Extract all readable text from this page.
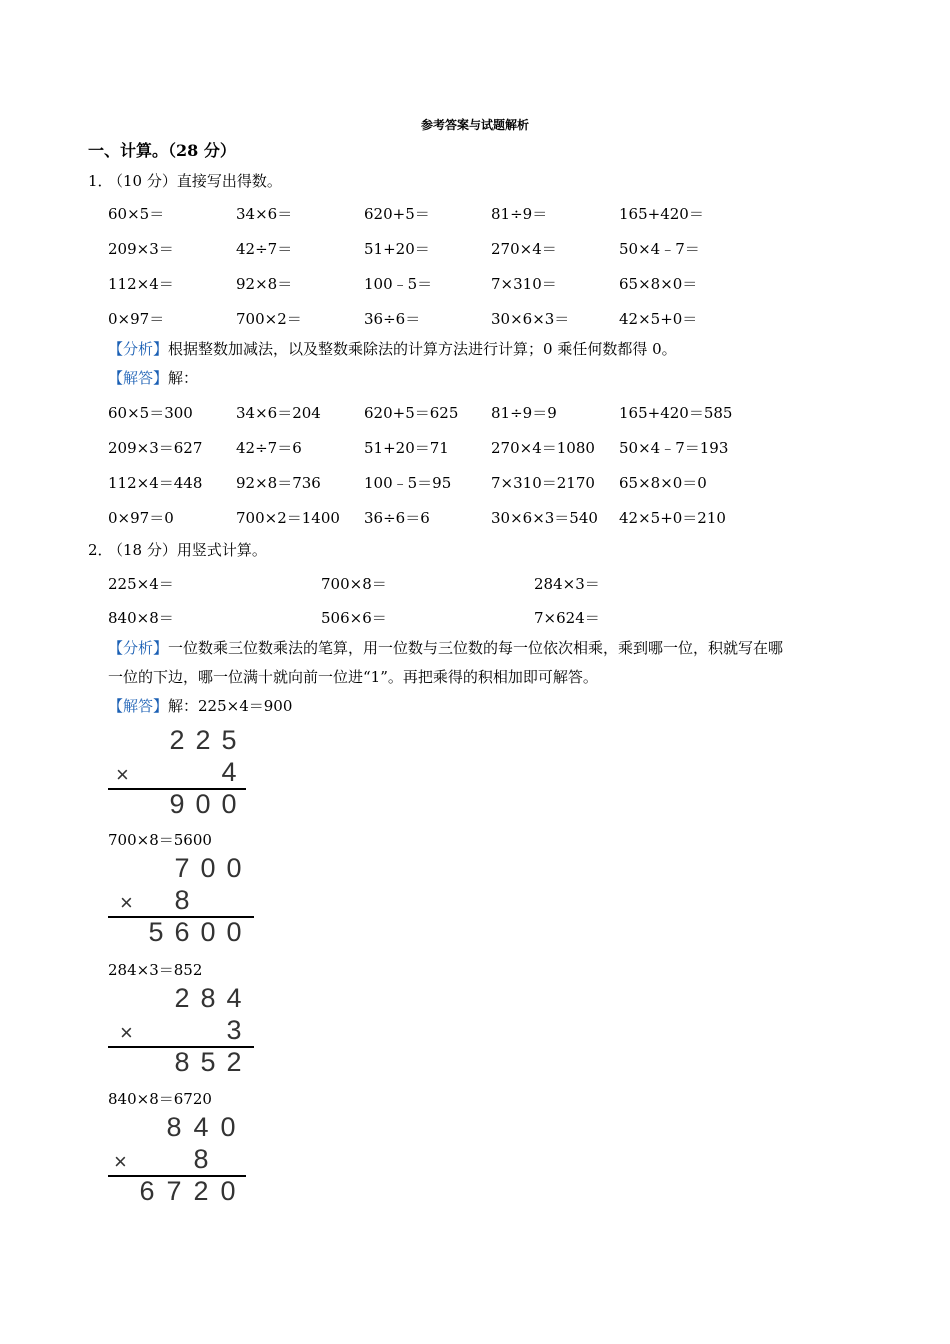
参考答案与试题解析
一、计算。（28 分）
1．
（10 分）直接写出得数。
60×5＝	34×6＝	620+5＝	81÷9＝	165+420＝
209×3＝	42÷7＝	51+20＝	270×4＝	50×4﹣7＝
112×4＝	92×8＝	100﹣5＝	7×310＝	65×8×0＝
0×97＝	700×2＝	36÷6＝	30×6×3＝	42×5+0＝
【分析】根据整数加减法，以及整数乘除法的计算方法进行计算；0 乘任何数都得 0。
【解答】解：
60×5＝300	34×6＝204	620+5＝625 81÷9＝9	165+420＝585
209×3＝627 42÷7＝6	51+20＝71	270×4＝1080 50×4﹣7＝193
112×4＝448 92×8＝736	100﹣5＝95	7×310＝2170 65×8×0＝0
0×97＝0	700×2＝1400 36÷6＝6	30×6×3＝540 42×5+0＝210
2．
（18 分）用竖式计算。
225×4＝	700×8＝	284×3＝
840×8＝	506×6＝	7×624＝
【分析】一位数乘三位数乘法的笔算，用一位数与三位数的每一位依次相乘，乘到哪一位，积就写在哪
一位的下边，哪一位满十就向前一位进“1”。再把乘得的积相加即可解答。
【解答】解：225×4＝900
2 2 5
×	4
9 0 0
700×8＝5600
7 0 0
× 8
5 6 0 0
284×3＝852
2 8 4
×	3
8 5 2
840×8＝6720
8 4 0
× 8
6 7 2 0
